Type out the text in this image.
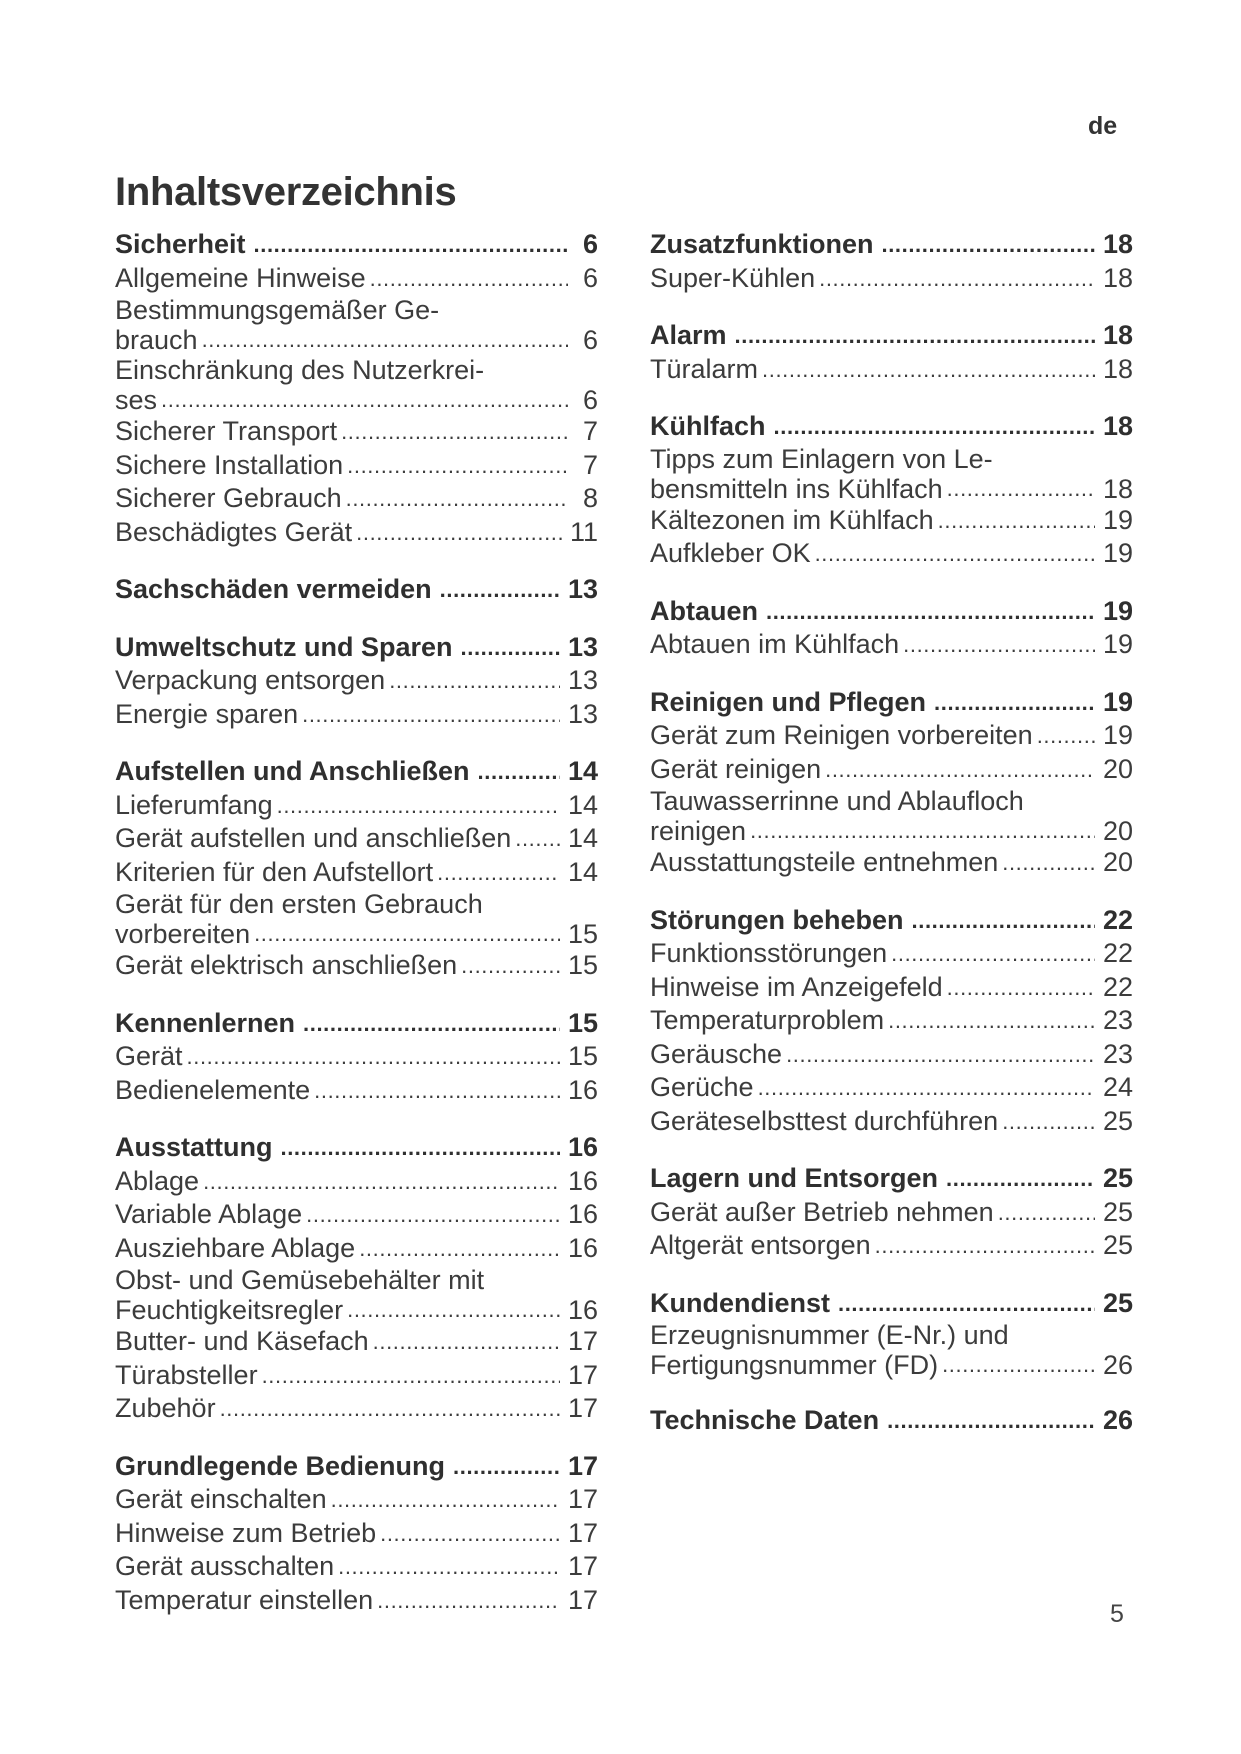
de
Inhaltsverzeichnis
Sicherheit .....	6
Allgemeine Hinweise .....	6
Bestimmungsgemäßer Ge-
brauch .....	6
Einschränkung des Nutzerkrei-
ses .....	6
Sicherer Transport .....	7
Sichere Installation .....	7
Sicherer Gebrauch .....	8
Beschädigtes Gerät .....	11
Sachschäden vermeiden .....	13
Umweltschutz und Sparen .....	13
Verpackung entsorgen .....	13
Energie sparen .....	13
Aufstellen und Anschließen .....	14
Lieferumfang .....	14
Gerät aufstellen und anschließen ..... 14
Kriterien für den Aufstellort .....	14
Gerät für den ersten Gebrauch
vorbereiten .....	15
Gerät elektrisch anschließen .....	15
Kennenlernen .....	15
Gerät .....	15
Bedienelemente .....	16
Ausstattung .....	16
Ablage .....	16
Variable Ablage .....	16
Ausziehbare Ablage .....	16
Obst- und Gemüsebehälter mit
Feuchtigkeitsregler .....	16
Butter- und Käsefach .....	17
Türabsteller .....	17
Zubehör .....	17
Grundlegende Bedienung .....	17
Gerät einschalten .....	17
Hinweise zum Betrieb .....	17
Gerät ausschalten .....	17
Temperatur einstellen .....	17
Zusatzfunktionen .....	18
Super-Kühlen .....	18
Alarm .....	18
Türalarm .....	18
Kühlfach .....	18
Tipps zum Einlagern von Le-
bensmitteln ins Kühlfach .....	18
Kältezonen im Kühlfach .....	19
Aufkleber OK .....	19
Abtauen .....	19
Abtauen im Kühlfach .....	19
Reinigen und Pflegen .....	19
Gerät zum Reinigen vorbereiten .....	19
Gerät reinigen .....	20
Tauwasserrinne und Ablaufloch
reinigen .....	20
Ausstattungsteile entnehmen .....	20
Störungen beheben .....	22
Funktionsstörungen .....	22
Hinweise im Anzeigefeld .....	22
Temperaturproblem .....	23
Geräusche .....	23
Gerüche .....	24
Geräteselbsttest durchführen .....	25
Lagern und Entsorgen .....	25
Gerät außer Betrieb nehmen .....	25
Altgerät entsorgen .....	25
Kundendienst .....	25
Erzeugnisnummer (E-Nr.) und
Fertigungsnummer (FD) .....	26
Technische Daten .....	26
5
